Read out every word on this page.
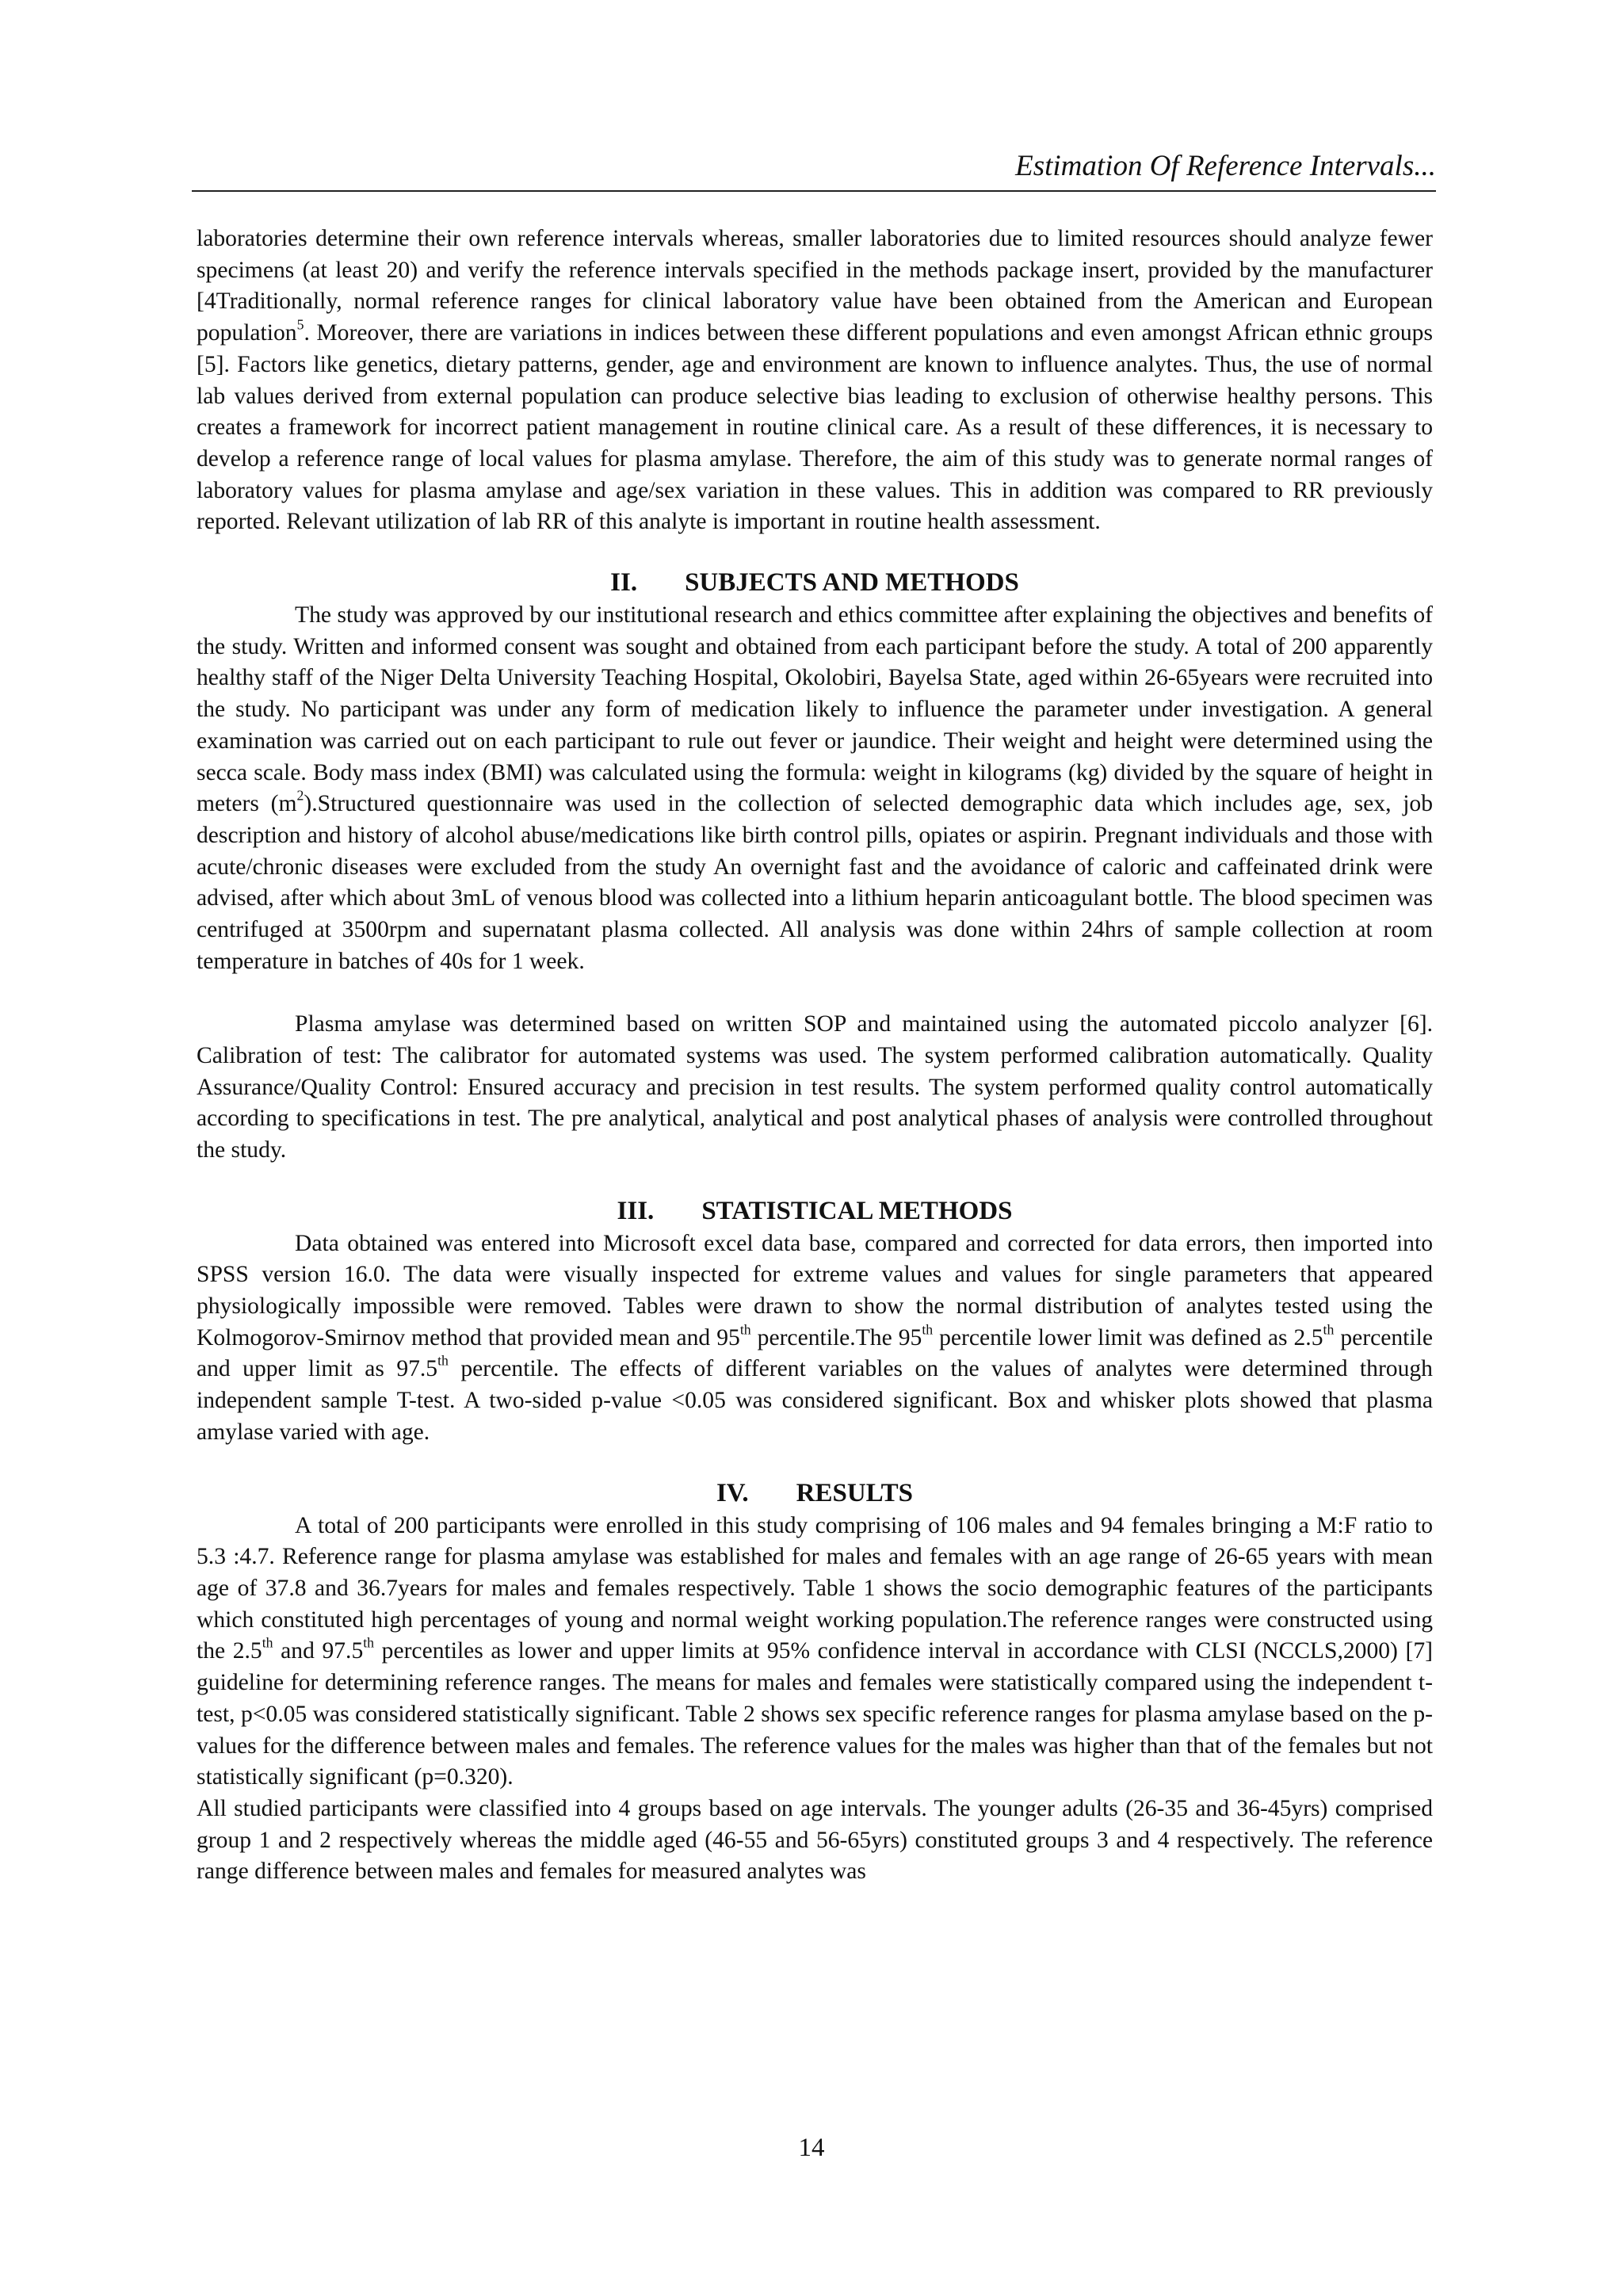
Estimation Of Reference Intervals...

laboratories determine their own reference intervals whereas, smaller laboratories due to limited resources should analyze fewer specimens (at least 20) and verify the reference intervals specified in the methods package insert, provided by the manufacturer [4Traditionally, normal reference ranges for clinical laboratory value have been obtained from the American and European population$^5$. Moreover, there are variations in indices between these different populations and even amongst African ethnic groups [5]. Factors like genetics, dietary patterns, gender, age and environment are known to influence analytes. Thus, the use of normal lab values derived from external population can produce selective bias leading to exclusion of otherwise healthy persons. This creates a framework for incorrect patient management in routine clinical care. As a result of these differences, it is necessary to develop a reference range of local values for plasma amylase. Therefore, the aim of this study was to generate normal ranges of laboratory values for plasma amylase and age/sex variation in these values. This in addition was compared to RR previously reported. Relevant utilization of lab RR of this analyte is important in routine health assessment.

II. SUBJECTS AND METHODS

The study was approved by our institutional research and ethics committee after explaining the objectives and benefits of the study. Written and informed consent was sought and obtained from each participant before the study. A total of 200 apparently healthy staff of the Niger Delta University Teaching Hospital, Okolobiri, Bayelsa State, aged within 26-65years were recruited into the study. No participant was under any form of medication likely to influence the parameter under investigation. A general examination was carried out on each participant to rule out fever or jaundice. Their weight and height were determined using the secca scale. Body mass index (BMI) was calculated using the formula: weight in kilograms (kg) divided by the square of height in meters $(m^2).Structured$ questionnaire was used in the collection of selected demographic data which includes age, sex, job description and history of alcohol abuse/medications like birth control pills, opiates or aspirin. Pregnant individuals and those with acute/chronic diseases were excluded from the study An overnight fast and the avoidance of caloric and caffeinated drink were advised, after which about 3mL of venous blood was collected into a lithium heparin anticoagulant bottle. The blood specimen was centrifuged at 3500rpm and supernatant plasma collected. All analysis was done within 24hrs of sample collection at room temperature in batches of 40s for 1 week.

Plasma amylase was determined based on written SOP and maintained using the automated piccolo analyzer [6]. Calibration of test: The calibrator for automated systems was used. The system performed calibration automatically. Quality Assurance/Quality Control: Ensured accuracy and precision in test results. The system performed quality control automatically according to specifications in test. The pre analytical, analytical and post analytical phases of analysis were controlled throughout the study.

III. STATISTICAL METHODS

Data obtained was entered into Microsoft excel data base, compared and corrected for data errors, then imported into SPSS version 16.0. The data were visually inspected for extreme values and values for single parameters that appeared physiologically impossible were removed. Tables were drawn to show the normal distribution of analytes tested using the Kolmogorov-Smirnov method that provided mean and 95th percentile.The 95th percentile lower limit was defined as 2.5th percentile and upper limit as 97.5th percentile. The effects of different variables on the values of analytes were determined through independent sample T-test. A two-sided p-value <0.05 was considered significant. Box and whisker plots showed that plasma amylase varied with age.

IV. RESULTS

A total of 200 participants were enrolled in this study comprising of 106 males and 94 females bringing a M:F ratio to 5.3 :4.7. Reference range for plasma amylase was established for males and females with an age range of 26-65 years with mean age of 37.8 and 36.7years for males and females respectively. Table 1 shows the socio demographic features of the participants which constituted high percentages of young and normal weight working population.The reference ranges were constructed using the 2.5th and 97.5th percentiles as lower and upper limits at 95% confidence interval in accordance with CLSI (NCCLS,2000) [7] guideline for determining reference ranges. The means for males and females were statistically compared using the independent t-test, p<0.05 was considered statistically significant. Table 2 shows sex specific reference ranges for plasma amylase based on the p-values for the difference between males and females. The reference values for the males was higher than that of the females but not statistically significant (p=0.320).

All studied participants were classified into 4 groups based on age intervals. The younger adults (26-35 and 36-45yrs) comprised group 1 and 2 respectively whereas the middle aged (46-55 and 56-65yrs) constituted groups 3 and 4 respectively. The reference range difference between males and females for measured analytes was

14
